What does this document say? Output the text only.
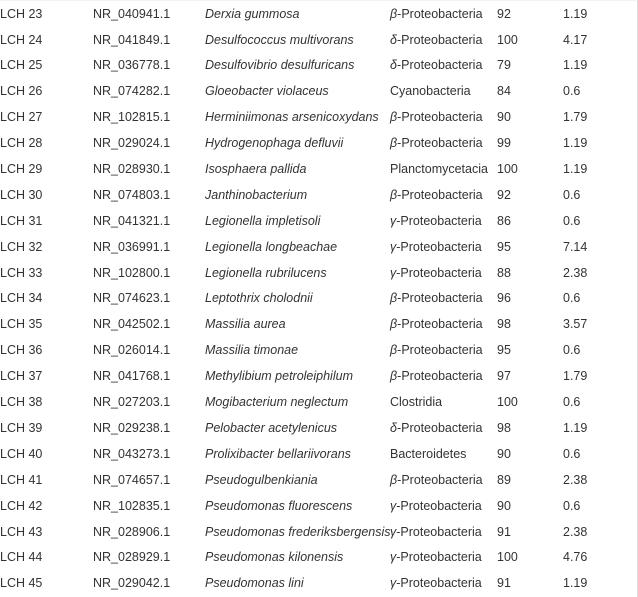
LCH 23	NR_040941.1	Derxia gummosa	β-Proteobacteria	92	1.19
LCH 24	NR_041849.1	Desulfococcus multivorans	δ-Proteobacteria	100	4.17
LCH 25	NR_036778.1	Desulfovibrio desulfuricans	δ-Proteobacteria	79	1.19
LCH 26	NR_074282.1	Gloeobacter violaceus	Cyanobacteria	84	0.6
LCH 27	NR_102815.1	Herminiimonas arsenicoxydans	β-Proteobacteria	90	1.79
LCH 28	NR_029024.1	Hydrogenophaga defluvii	β-Proteobacteria	99	1.19
LCH 29	NR_028930.1	Isosphaera pallida	Planctomycetacia	100	1.19
LCH 30	NR_074803.1	Janthinobacterium	β-Proteobacteria	92	0.6
LCH 31	NR_041321.1	Legionella impletisoli	γ-Proteobacteria	86	0.6
LCH 32	NR_036991.1	Legionella longbeachae	γ-Proteobacteria	95	7.14
LCH 33	NR_102800.1	Legionella rubrilucens	γ-Proteobacteria	88	2.38
LCH 34	NR_074623.1	Leptothrix cholodnii	β-Proteobacteria	96	0.6
LCH 35	NR_042502.1	Massilia aurea	β-Proteobacteria	98	3.57
LCH 36	NR_026014.1	Massilia timonae	β-Proteobacteria	95	0.6
LCH 37	NR_041768.1	Methylibium petroleiphilum	β-Proteobacteria	97	1.79
LCH 38	NR_027203.1	Mogibacterium neglectum	Clostridia	100	0.6
LCH 39	NR_029238.1	Pelobacter acetylenicus	δ-Proteobacteria	98	1.19
LCH 40	NR_043273.1	Prolixibacter bellariivorans	Bacteroidetes	90	0.6
LCH 41	NR_074657.1	Pseudogulbenkiania	β-Proteobacteria	89	2.38
LCH 42	NR_102835.1	Pseudomonas fluorescens	γ-Proteobacteria	90	0.6
LCH 43	NR_028906.1	Pseudomonas frederiksbergensis	γ-Proteobacteria	91	2.38
LCH 44	NR_028929.1	Pseudomonas kilonensis	γ-Proteobacteria	100	4.76
LCH 45	NR_029042.1	Pseudomonas lini	γ-Proteobacteria	91	1.19
